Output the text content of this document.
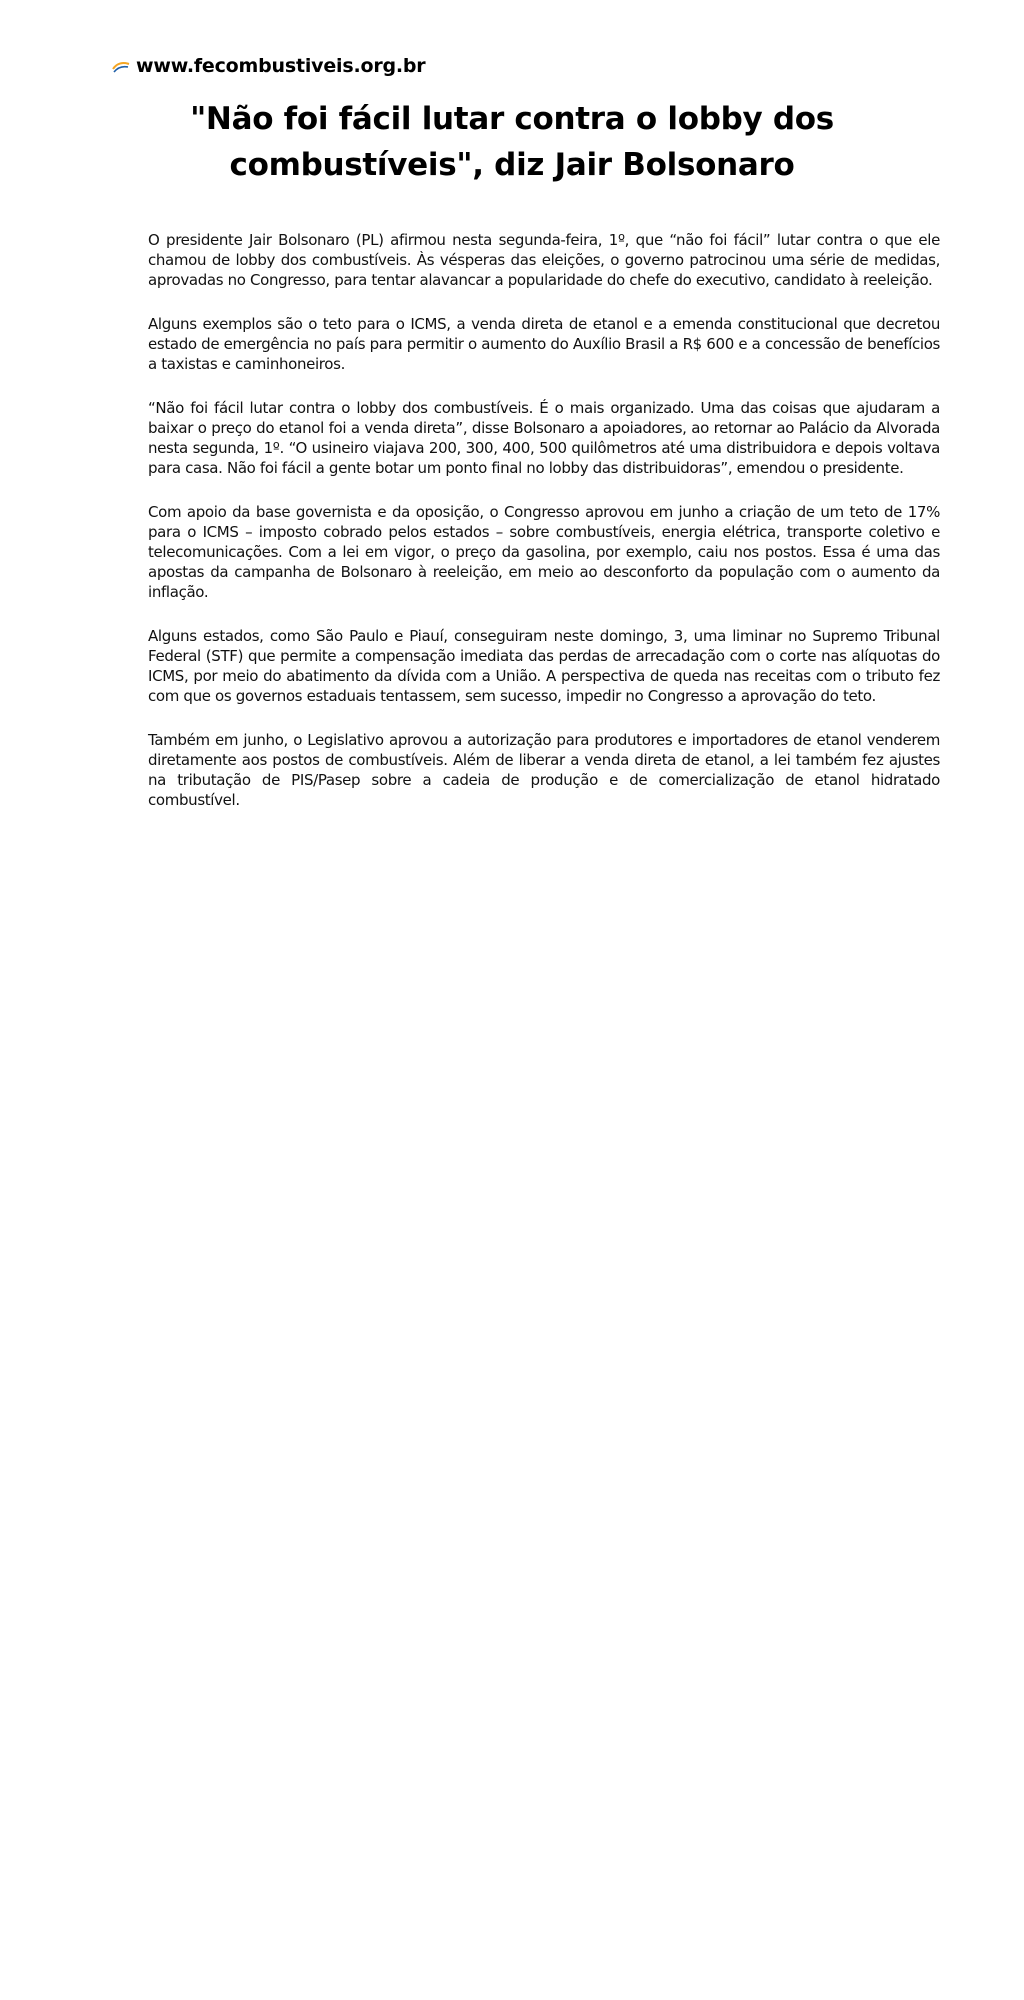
www.fecombustiveis.org.br
"Não foi fácil lutar contra o lobby dos combustíveis", diz Jair Bolsonaro

O presidente Jair Bolsonaro (PL) afirmou nesta segunda-feira, 1º, que “não foi fácil” lutar contra o que ele chamou de lobby dos combustíveis. Às vésperas das eleições, o governo patrocinou uma série de medidas, aprovadas no Congresso, para tentar alavancar a popularidade do chefe do executivo, candidato à reeleição.

Alguns exemplos são o teto para o ICMS, a venda direta de etanol e a emenda constitucional que decretou estado de emergência no país para permitir o aumento do Auxílio Brasil a R$ 600 e a concessão de benefícios a taxistas e caminhoneiros.

“Não foi fácil lutar contra o lobby dos combustíveis. É o mais organizado. Uma das coisas que ajudaram a baixar o preço do etanol foi a venda direta”, disse Bolsonaro a apoiadores, ao retornar ao Palácio da Alvorada nesta segunda, 1º. “O usineiro viajava 200, 300, 400, 500 quilômetros até uma distribuidora e depois voltava para casa. Não foi fácil a gente botar um ponto final no lobby das distribuidoras”, emendou o presidente.

Com apoio da base governista e da oposição, o Congresso aprovou em junho a criação de um teto de 17% para o ICMS – imposto cobrado pelos estados – sobre combustíveis, energia elétrica, transporte coletivo e telecomunicações. Com a lei em vigor, o preço da gasolina, por exemplo, caiu nos postos. Essa é uma das apostas da campanha de Bolsonaro à reeleição, em meio ao desconforto da população com o aumento da inflação.

Alguns estados, como São Paulo e Piauí, conseguiram neste domingo, 3, uma liminar no Supremo Tribunal Federal (STF) que permite a compensação imediata das perdas de arrecadação com o corte nas alíquotas do ICMS, por meio do abatimento da dívida com a União. A perspectiva de queda nas receitas com o tributo fez com que os governos estaduais tentassem, sem sucesso, impedir no Congresso a aprovação do teto.

Também em junho, o Legislativo aprovou a autorização para produtores e importadores de etanol venderem diretamente aos postos de combustíveis. Além de liberar a venda direta de etanol, a lei também fez ajustes na tributação de PIS/Pasep sobre a cadeia de produção e de comercialização de etanol hidratado combustível.
